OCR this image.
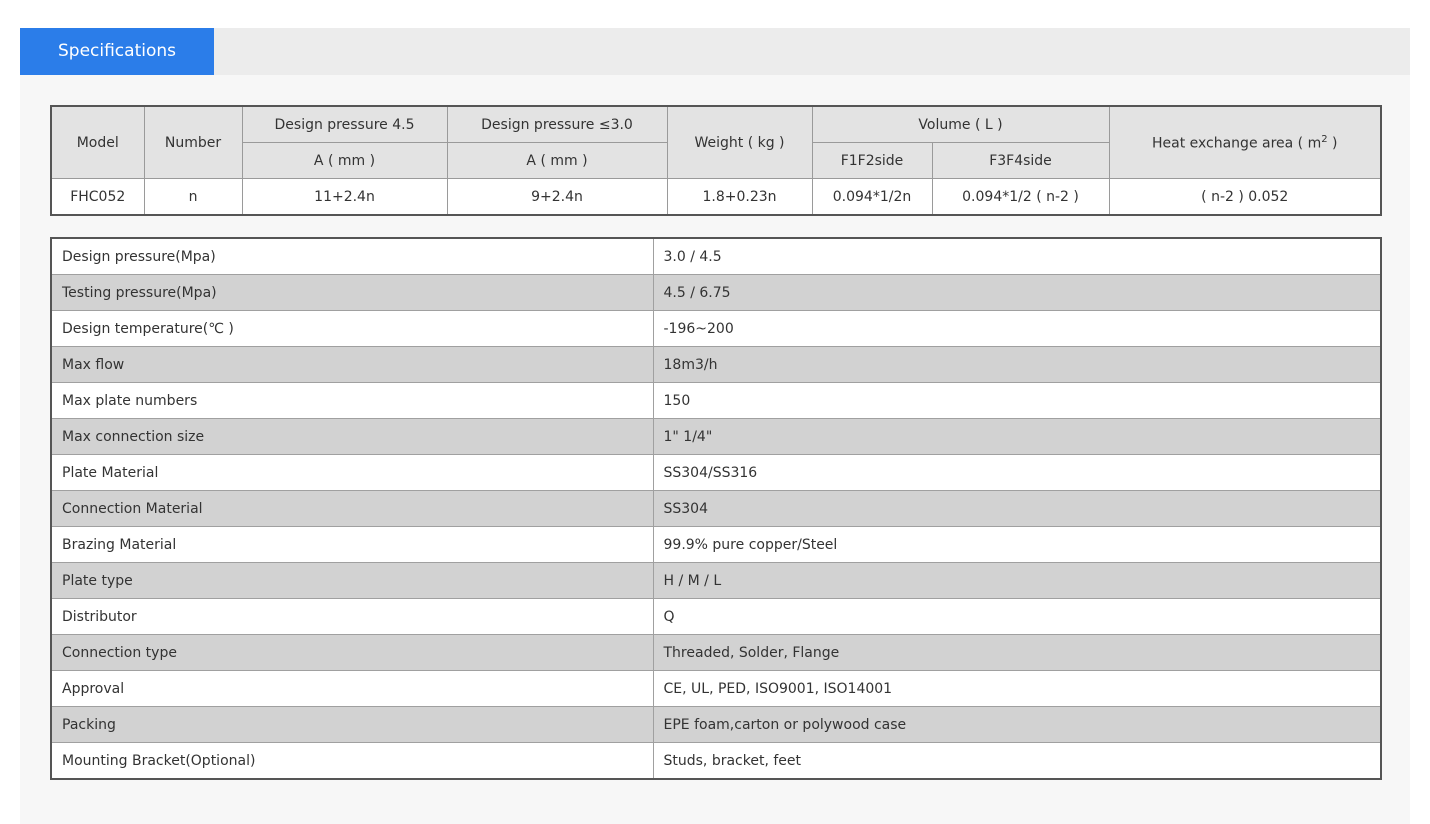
Specifications
Model	Number	Design pressure 4.5	Design pressure ≤3.0	Weight ( kg )	Volume ( L )		Heat exchange area ( $m^2$ )
		A ( mm )	A ( mm )		F1F2side	F3F4side	
FHC052	n	11+2.4n	9+2.4n	1.8+0.23n	0.094*1/2n	0.094*1/2 ( n-2 )	( n-2 ) 0.052
Design pressure(Mpa)	3.0 / 4.5
Testing pressure(Mpa)	4.5 / 6.75
Design temperature(℃ )	-196~200
Max flow	18m3/h
Max plate numbers	150
Max connection size	1" 1/4"
Plate Material	SS304/SS316
Connection Material	SS304
Brazing Material	99.9% pure copper/Steel
Plate type	H / M / L
Distributor	Q
Connection type	Threaded, Solder, Flange
Approval	CE, UL, PED, ISO9001, ISO14001
Packing	EPE foam,carton or polywood case
Mounting Bracket(Optional)	Studs, bracket, feet
